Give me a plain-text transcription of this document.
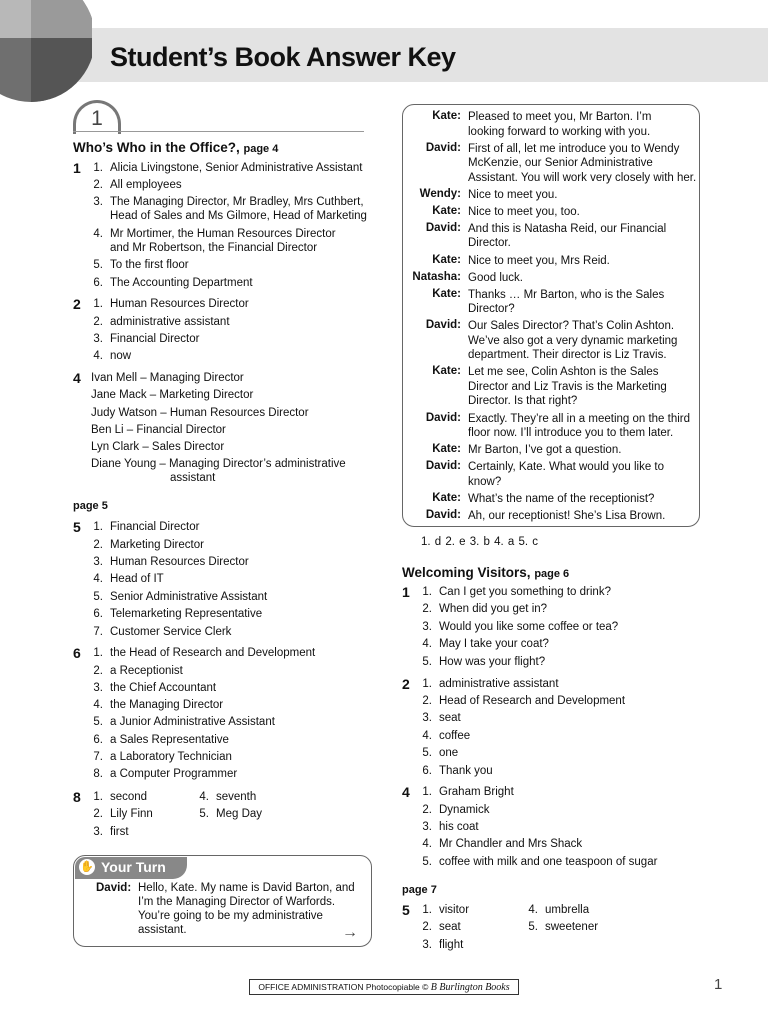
Student’s Book Answer Key
1
Who’s Who in the Office?, page 4
1	1. Alicia Livingstone, Senior Administrative Assistant
2. All employees
3. The Managing Director, Mr Bradley, Mrs Cuthbert,
Head of Sales and Ms Gilmore, Head of Marketing
4. Mr Mortimer, the Human Resources Director
and Mr Robertson, the Financial Director
5. To the first floor
6. The Accounting Department
2	1. Human Resources Director
2. administrative assistant
3. Financial Director
4. now
4 Ivan Mell – Managing Director
Jane Mack – Marketing Director
Judy Watson – Human Resources Director
Ben Li – Financial Director
Lyn Clark – Sales Director
Diane Young – Managing Director’s administrative
assistant
page 5
5	1. Financial Director
2. Marketing Director
3. Human Resources Director
4. Head of IT
5. Senior Administrative Assistant
6. Telemarketing Representative
7. Customer Service Clerk
6	1. the Head of Research and Development
2. a Receptionist
3. the Chief Accountant
4. the Managing Director
5. a Junior Administrative Assistant
6. a Sales Representative
7. a Laboratory Technician
8. a Computer Programmer
8	1. second
2. Lily Finn
3. first
4. seventh
5. Meg Day
✋ Your Turn
David: Hello, Kate. My name is David Barton, and
I’m the Managing Director of Warfords.
You’re going to be my administrative
assistant.	→
Kate: Pleased to meet you, Mr Barton. I’m
looking forward to working with you.
David: First of all, let me introduce you to Wendy
McKenzie, our Senior Administrative
Assistant. You will work very closely with her.
Wendy: Nice to meet you.
Kate: Nice to meet you, too.
David: And this is Natasha Reid, our Financial
Director.
Kate: Nice to meet you, Mrs Reid.
Natasha: Good luck.
Kate: Thanks … Mr Barton, who is the Sales
Director?
David: Our Sales Director? That’s Colin Ashton.
We’ve also got a very dynamic marketing
department. Their director is Liz Travis.
Kate: Let me see, Colin Ashton is the Sales
Director and Liz Travis is the Marketing
Director. Is that right?
David: Exactly. They’re all in a meeting on the third
floor now. I’ll introduce you to them later.
Kate: Mr Barton, I’ve got a question.
David: Certainly, Kate. What would you like to
know?
Kate: What’s the name of the receptionist?
David: Ah, our receptionist! She’s Lisa Brown.
1. d 2. e 3. b 4. a 5. c
Welcoming Visitors, page 6
1	1. Can I get you something to drink?
2. When did you get in?
3. Would you like some coffee or tea?
4. May I take your coat?
5. How was your flight?
2	1. administrative assistant
2. Head of Research and Development
3. seat
4. coffee
5. one
6. Thank you
4	1. Graham Bright
2. Dynamick
3. his coat
4. Mr Chandler and Mrs Shack
5. coffee with milk and one teaspoon of sugar
page 7
5	1. visitor
2. seat
3. flight
4. umbrella
5. sweetener
OFFICE ADMINISTRATION Photocopiable © B Burlington Books	1
